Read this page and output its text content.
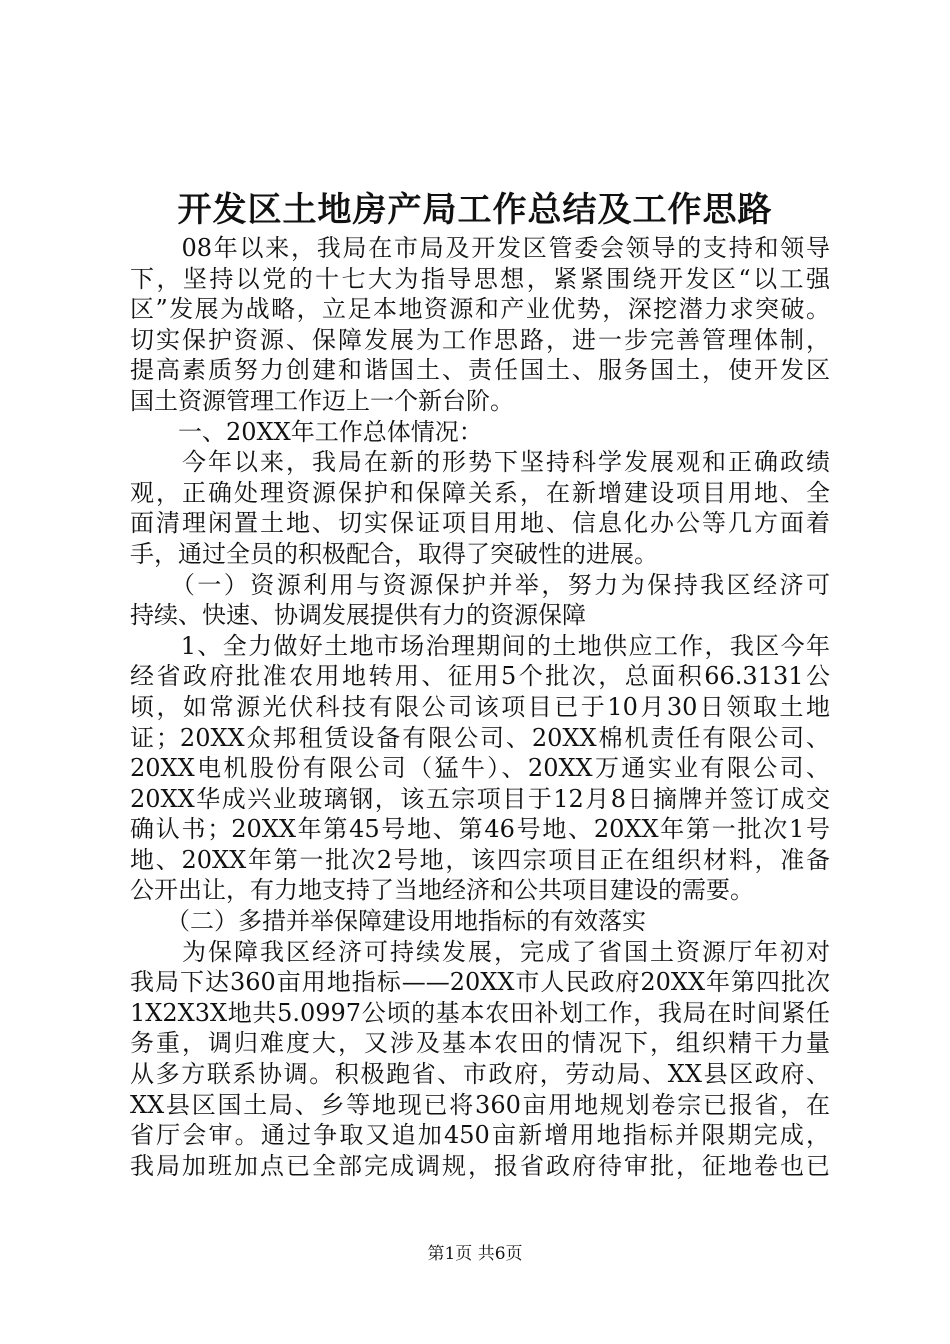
开发区土地房产局工作总结及工作思路
　　08年以来，我局在市局及开发区管委会领导的支持和领导
下，坚持以党的十七大为指导思想，紧紧围绕开发区“以工强
区”发展为战略，立足本地资源和产业优势，深挖潜力求突破。
切实保护资源、保障发展为工作思路，进一步完善管理体制，
提高素质努力创建和谐国土、责任国土、服务国土，使开发区
国土资源管理工作迈上一个新台阶。
　　一、20XX年工作总体情况：
　　今年以来，我局在新的形势下坚持科学发展观和正确政绩
观，正确处理资源保护和保障关系，在新增建设项目用地、全
面清理闲置土地、切实保证项目用地、信息化办公等几方面着
手，通过全员的积极配合，取得了突破性的进展。
　　（一）资源利用与资源保护并举，努力为保持我区经济可
持续、快速、协调发展提供有力的资源保障
　　1、全力做好土地市场治理期间的土地供应工作，我区今年
经省政府批准农用地转用、征用5个批次，总面积66.3131公
顷，如常源光伏科技有限公司该项目已于10月30日领取土地
证；20XX众邦租赁设备有限公司、20XX棉机责任有限公司、
20XX电机股份有限公司（猛牛）、20XX万通实业有限公司、
20XX华成兴业玻璃钢，该五宗项目于12月8日摘牌并签订成交
确认书；20XX年第45号地、第46号地、20XX年第一批次1号
地、20XX年第一批次2号地，该四宗项目正在组织材料，准备
公开出让，有力地支持了当地经济和公共项目建设的需要。
　　（二）多措并举保障建设用地指标的有效落实
　　为保障我区经济可持续发展，完成了省国土资源厅年初对
我局下达360亩用地指标——20XX市人民政府20XX年第四批次
1X2X3X地共5.0997公顷的基本农田补划工作，我局在时间紧任
务重，调归难度大，又涉及基本农田的情况下，组织精干力量
从多方联系协调。积极跑省、市政府，劳动局、XX县区政府、
XX县区国土局、乡等地现已将360亩用地规划卷宗已报省，在
省厅会审。通过争取又追加450亩新增用地指标并限期完成，
我局加班加点已全部完成调规，报省政府待审批，征地卷也已
第1页 共6页
